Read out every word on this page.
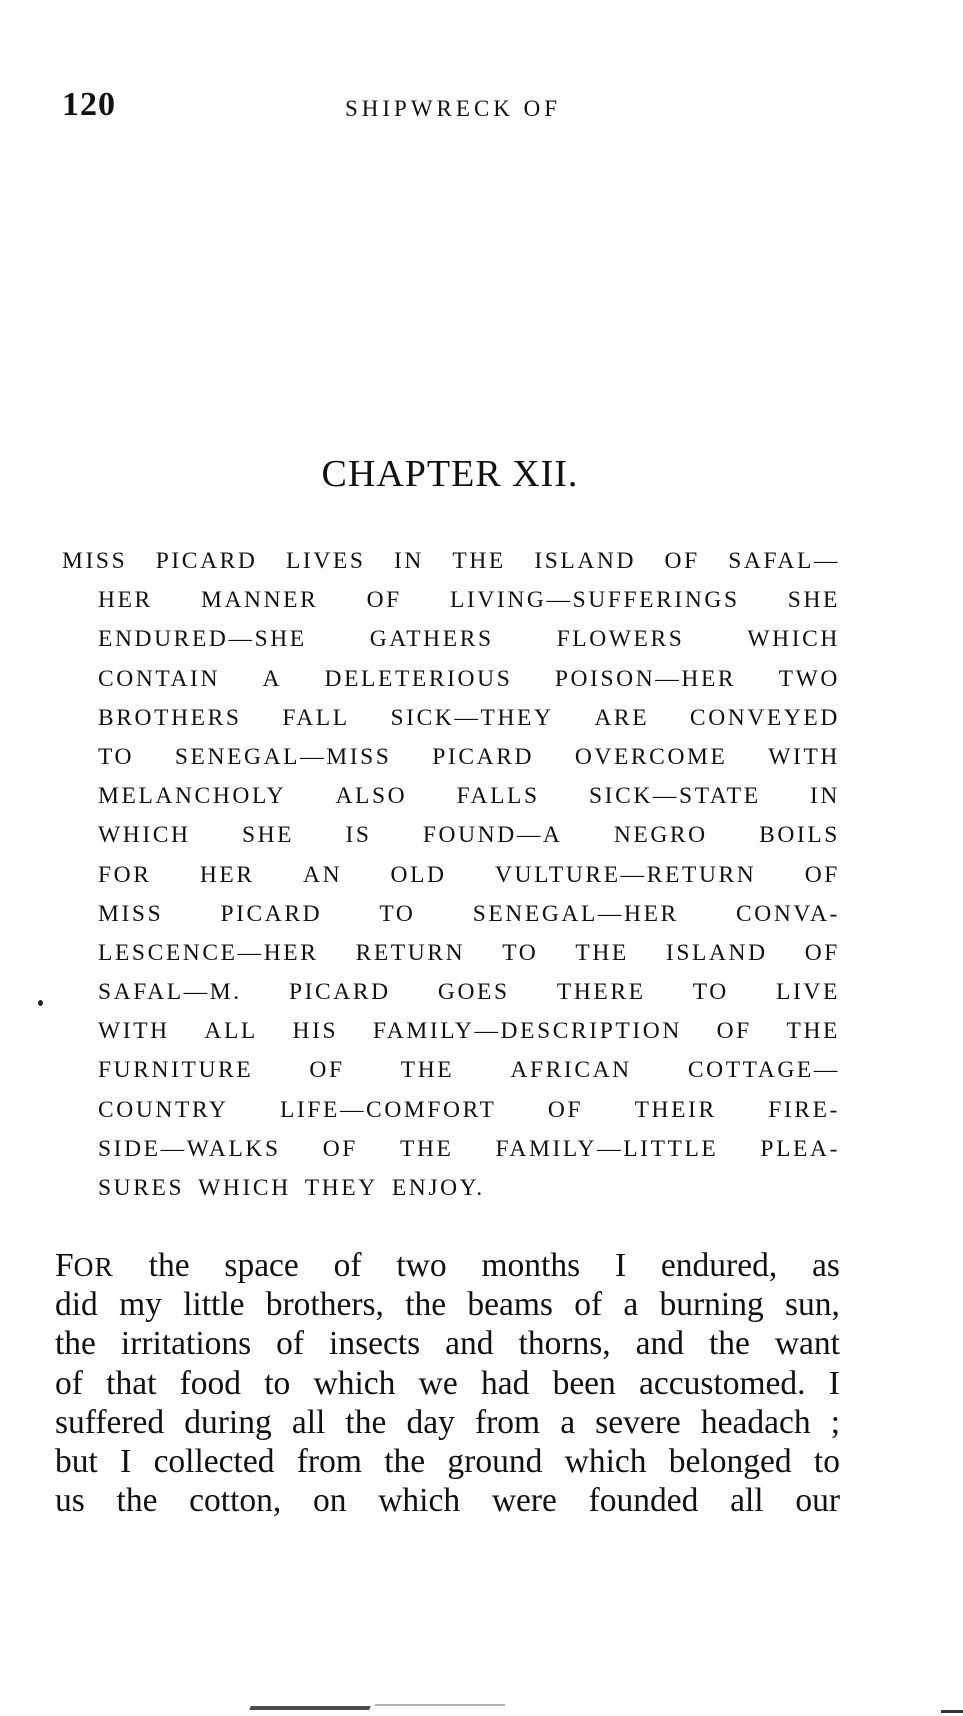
120	SHIPWRECK OF
CHAPTER XII.
MISS PICARD LIVES IN THE ISLAND OF SAFAL—
HER MANNER OF LIVING—SUFFERINGS SHE
ENDURED—SHE	GATHERS	FLOWERS	WHICH
CONTAIN A DELETERIOUS POISON—HER TWO
BROTHERS FALL SICK—THEY ARE CONVEYED
TO SENEGAL—MISS PICARD OVERCOME WITH
MELANCHOLY ALSO FALLS SICK—STATE IN
WHICH SHE IS FOUND—A NEGRO BOILS
FOR HER AN OLD VULTURE—RETURN OF
MISS PICARD TO SENEGAL—HER CONVA-
LESCENCE—HER RETURN TO THE ISLAND OF
SAFAL—M. PICARD GOES THERE TO LIVE
WITH ALL HIS FAMILY—DESCRIPTION OF THE
FURNITURE OF THE AFRICAN COTTAGE—
COUNTRY LIFE—COMFORT OF THEIR FIRE-
SIDE—WALKS OF THE FAMILY—LITTLE PLEA-
SURES WHICH THEY ENJOY.
FOR the space of two months I endured, as
did my little brothers, the beams of a burning sun,
the irritations of insects and thorns, and the want
of that food to which we had been accustomed. I
suffered during all the day from a severe headach ;
but I collected from the ground which belonged to
us the cotton, on which were founded all our
